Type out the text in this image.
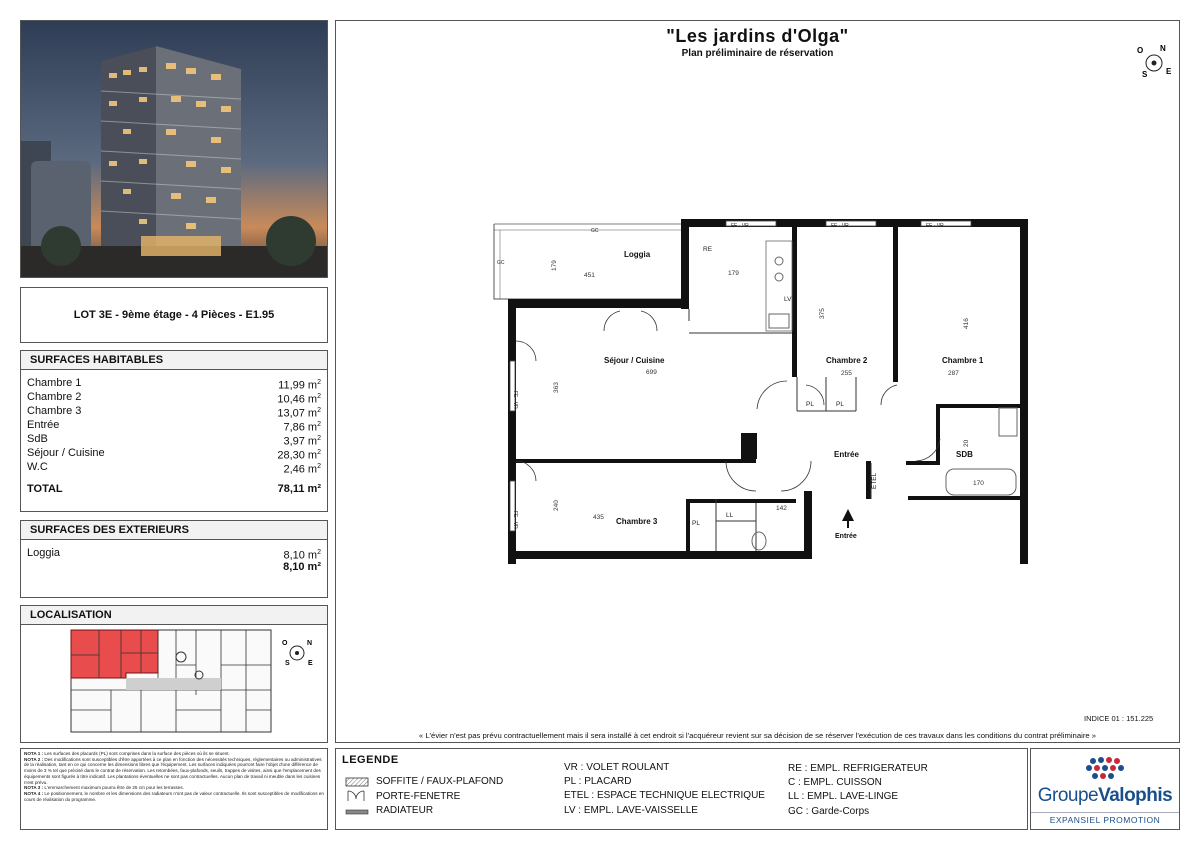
LOT 3E - 9ème étage - 4 Pièces - E1.95
SURFACES HABITABLES
Chambre 1	11,99 $m^2$
Chambre 2	10,46 $m^2$
Chambre 3	13,07 $m^2$
Entrée	7,86 $m^2$
SdB	3,97 $m^2$
Séjour / Cuisine	28,30 $m^2$
W.C	2,46 $m^2$
TOTAL	78,11 m²
SURFACES DES EXTERIEURS
Loggia	8,10 $m^2$
8,10 m²
LOCALISATION
N
E
O
S
NOTA 1 : Les surfaces des placards (PL) sont comprises dans la surface des pièces où ils se situent.
NOTA 2 : Des modifications sont susceptibles d'être apportées à ce plan en fonction des nécessités techniques, réglementaires ou administratives de la réalisation, tant en ce qui concerne les dimensions libres que l'équipement. Les surfaces indiquées pourront faire l'objet d'une différence de moins de 3 % tel que précisé dans le contrat de réservation. Les retombées, faux-plafonds, seuils, trappes de visites, ainsi que l'emplacement des équipements sont figurés à titre indicatif. Les plantations éventuelles ne sont pas contractuelles. Aucun plan de travail ni meuble dans les cuisines n'est prévu.
NOTA 3 : L'emmarchement maximum pourra être de 25 cm pour les terrasses.
NOTA 4 : Le positionnement, le nombre et les dimensions des radiateurs n'ont pas de valeur contractuelle. Ils sont susceptibles de modifications en cours de réalisation du programme.
"Les jardins d'Olga"
Plan préliminaire de réservation	N
E
O
S
Loggia
Séjour / Cuisine	Chambre 2	Chambre 1
Chambre 3
Entrée	SDB
Entrée
451	179
179
699
363
375
416
255	287
240
435
142
170
20
RE
LV
PL	PL
PL
LL
ETEL
GC
GC
FE - VR	FE - VR	FE - VR
FE - VR
FE - VR
INDICE 01 : 151.225
« L'évier n'est pas prévu contractuellement mais il sera installé à cet endroit si l'acquéreur revient sur sa décision de se réserver l'exécution de ces travaux dans les conditions du contrat préliminaire »
LEGENDE
SOFFITE / FAUX-PLAFOND
PORTE-FENETRE
RADIATEUR
VR : VOLET ROULANT
PL : PLACARD
ETEL : ESPACE TECHNIQUE ELECTRIQUE
LV : EMPL. LAVE-VAISSELLE
RE : EMPL. REFRIGERATEUR
C : EMPL. CUISSON
LL : EMPL. LAVE-LINGE
GC : Garde-Corps
GroupeValophis
EXPANSIEL PROMOTION
